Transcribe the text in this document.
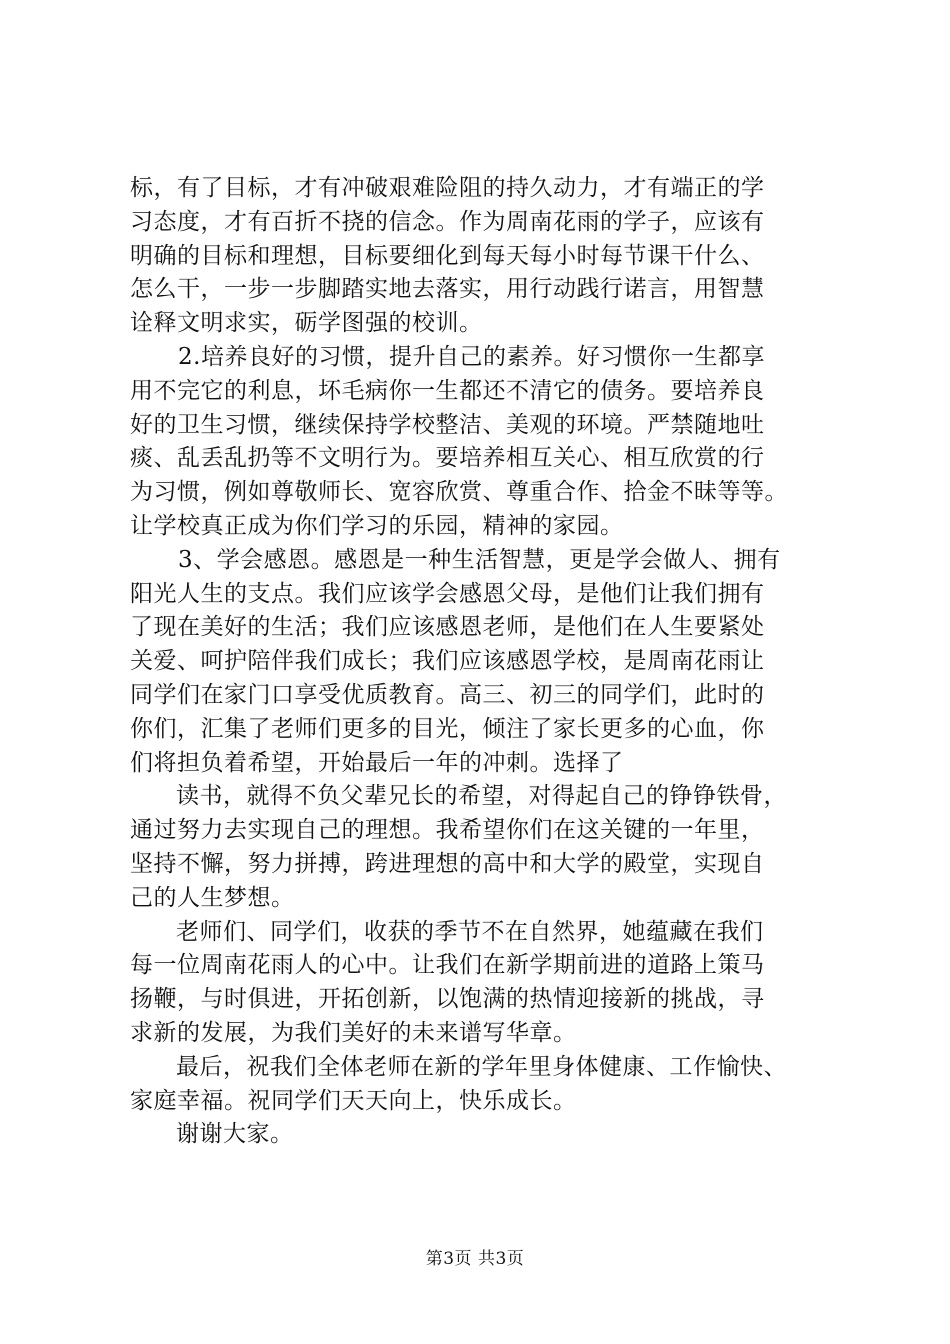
标，有了目标，才有冲破艰难险阻的持久动力，才有端正的学
习态度，才有百折不挠的信念。作为周南花雨的学子，应该有
明确的目标和理想，目标要细化到每天每小时每节课干什么、
怎么干，一步一步脚踏实地去落实，用行动践行诺言，用智慧
诠释文明求实，砺学图强的校训。
2.培养良好的习惯，提升自己的素养。好习惯你一生都享
用不完它的利息，坏毛病你一生都还不清它的债务。要培养良
好的卫生习惯，继续保持学校整洁、美观的环境。严禁随地吐
痰、乱丢乱扔等不文明行为。要培养相互关心、相互欣赏的行
为习惯，例如尊敬师长、宽容欣赏、尊重合作、拾金不昧等等。
让学校真正成为你们学习的乐园，精神的家园。
3、学会感恩。感恩是一种生活智慧，更是学会做人、拥有
阳光人生的支点。我们应该学会感恩父母，是他们让我们拥有
了现在美好的生活；我们应该感恩老师，是他们在人生要紧处
关爱、呵护陪伴我们成长；我们应该感恩学校，是周南花雨让
同学们在家门口享受优质教育。高三、初三的同学们，此时的
你们，汇集了老师们更多的目光，倾注了家长更多的心血，你
们将担负着希望，开始最后一年的冲刺。选择了
读书，就得不负父辈兄长的希望，对得起自己的铮铮铁骨，
通过努力去实现自己的理想。我希望你们在这关键的一年里，
坚持不懈，努力拼搏，跨进理想的高中和大学的殿堂，实现自
己的人生梦想。
老师们、同学们，收获的季节不在自然界，她蕴藏在我们
每一位周南花雨人的心中。让我们在新学期前进的道路上策马
扬鞭，与时俱进，开拓创新，以饱满的热情迎接新的挑战，寻
求新的发展，为我们美好的未来谱写华章。
最后，祝我们全体老师在新的学年里身体健康、工作愉快、
家庭幸福。祝同学们天天向上，快乐成长。
谢谢大家。
第3页 共3页
